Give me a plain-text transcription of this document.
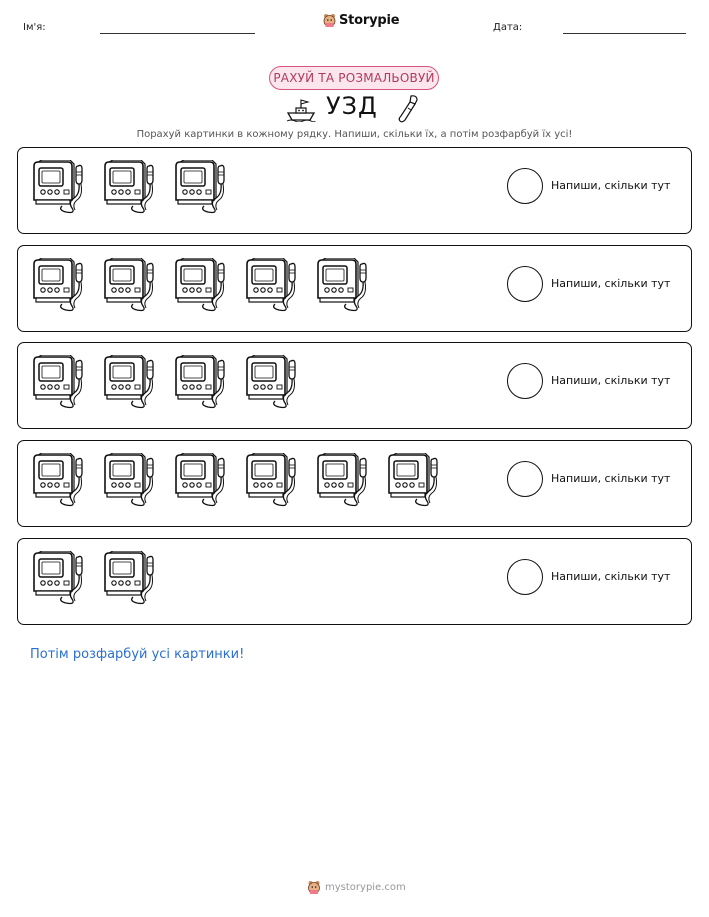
Ім'я:	Storypie	Дата:
РАХУЙ ТА РОЗМАЛЬОВУЙ
УЗД
Порахуй картинки в кожному рядку. Напиши, скільки їх, а потім розфарбуй їх усі!
Напиши, скільки тут
Напиши, скільки тут
Напиши, скільки тут
Напиши, скільки тут
Напиши, скільки тут
Потім розфарбуй усі картинки!
mystorypie.com
